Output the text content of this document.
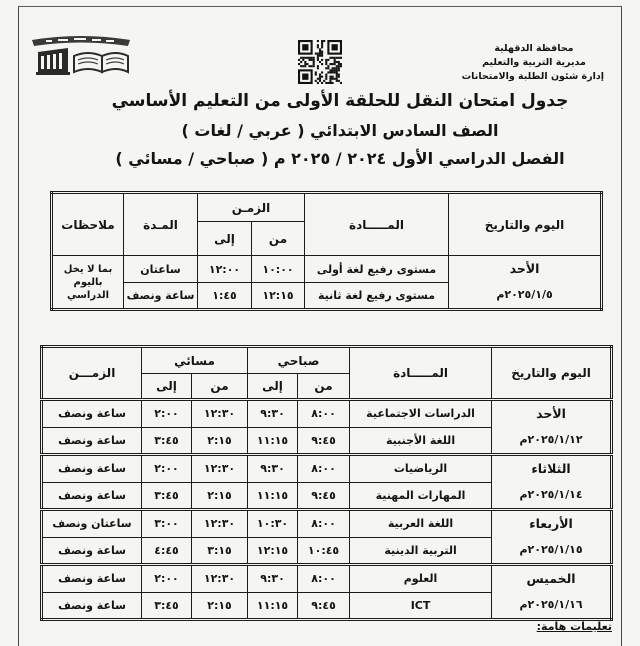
محافظة الدقهلية
مديرية التربية والتعليم
إدارة شئون الطلبة والامتحانات
جدول امتحان النقل للحلقة الأولى من التعليم الأساسي
الصف السادس الابتدائي ( عربي / لغات )
الفصل الدراسي الأول ٢٠٢٤ / ٢٠٢٥ م ( صباحي / مسائي )
اليوم والتاريخ	المـــــادة	الزمـن		المـدة	ملاحظات
		من	إلى		

الأحد
٢٠٢٥/١/٥م	مستوى رفيع لغة أولى	١٠:٠٠	١٢:٠٠	ساعتان	بما لا يخل باليوم الدراسي
	مستوى رفيع لغة ثانية	١٢:١٥	١:٤٥	ساعة ونصف	
اليوم والتاريخ	المـــــادة	صباحي		مسائي		الزمـــن
		من	إلى	من	إلى	

الأحد
٢٠٢٥/١/١٢م	الدراسات الاجتماعية	٨:٠٠	٩:٣٠	١٢:٣٠	٢:٠٠	ساعة ونصف
	اللغة الأجنبية	٩:٤٥	١١:١٥	٢:١٥	٣:٤٥	ساعة ونصف

الثلاثاء
٢٠٢٥/١/١٤م	الرياضيات	٨:٠٠	٩:٣٠	١٢:٣٠	٢:٠٠	ساعة ونصف
	المهارات المهنية	٩:٤٥	١١:١٥	٢:١٥	٣:٤٥	ساعة ونصف

الأربعاء
٢٠٢٥/١/١٥م	اللغة العربية	٨:٠٠	١٠:٣٠	١٢:٣٠	٣:٠٠	ساعتان ونصف
	التربية الدينية	١٠:٤٥	١٢:١٥	٣:١٥	٤:٤٥	ساعة ونصف

الخميس
٢٠٢٥/١/١٦م	العلوم	٨:٠٠	٩:٣٠	١٢:٣٠	٢:٠٠	ساعة ونصف
	ICT	٩:٤٥	١١:١٥	٢:١٥	٣:٤٥	ساعة ونصف
تعليمات هامة:
